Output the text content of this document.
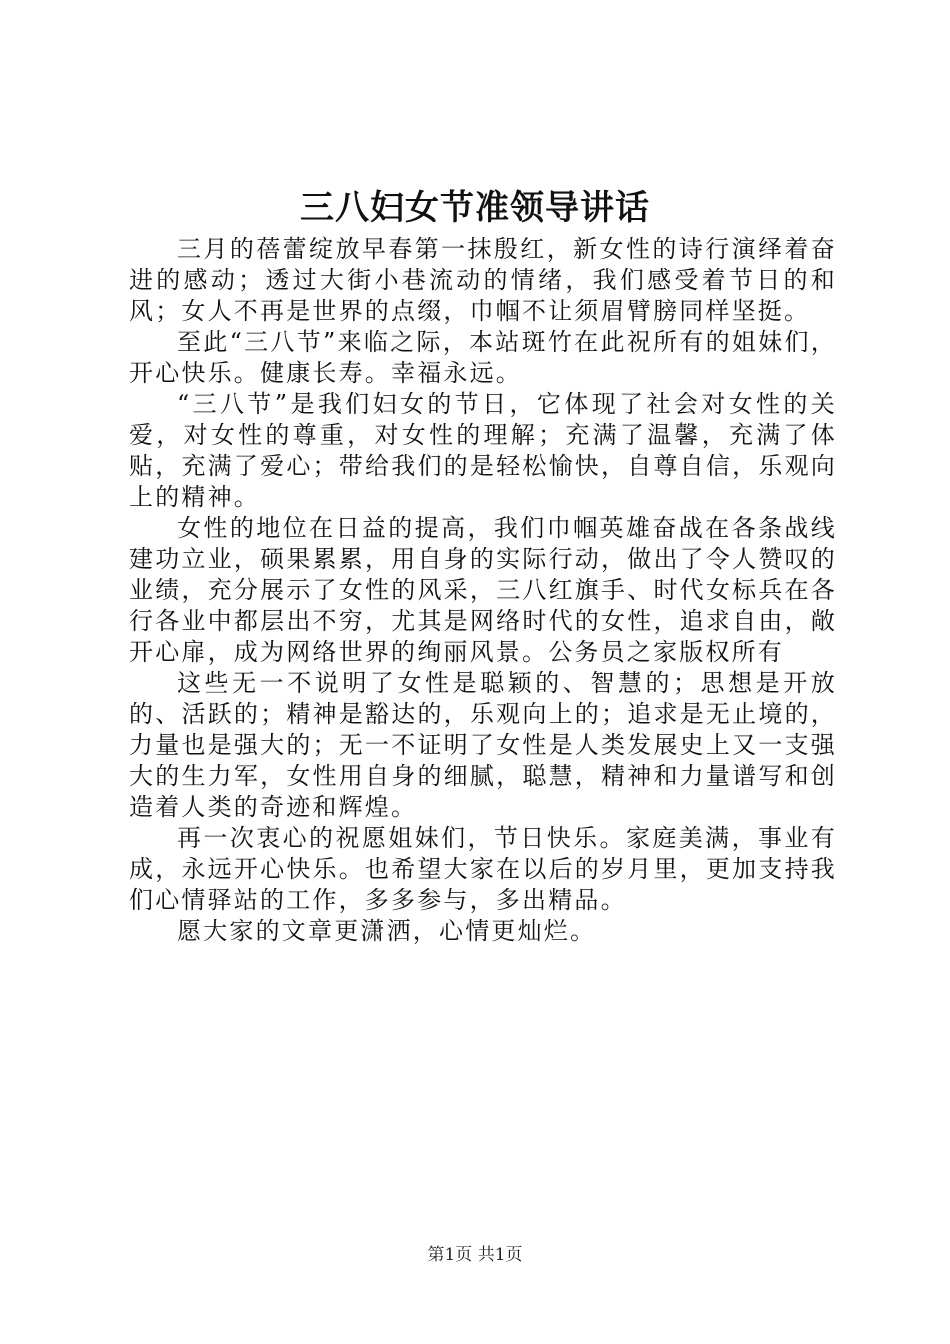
三八妇女节准领导讲话

三月的蓓蕾绽放早春第一抹殷红，新女性的诗行演绎着奋进的感动；透过大街小巷流动的情绪，我们感受着节日的和风；女人不再是世界的点缀，巾帼不让须眉臂膀同样坚挺。

至此“三八节”来临之际，本站斑竹在此祝所有的姐妹们，开心快乐。健康长寿。幸福永远。

“三八节”是我们妇女的节日，它体现了社会对女性的关爱，对女性的尊重，对女性的理解；充满了温馨，充满了体贴，充满了爱心；带给我们的是轻松愉快，自尊自信，乐观向上的精神。

女性的地位在日益的提高，我们巾帼英雄奋战在各条战线建功立业，硕果累累，用自身的实际行动，做出了令人赞叹的业绩，充分展示了女性的风采，三八红旗手、时代女标兵在各行各业中都层出不穷，尤其是网络时代的女性，追求自由，敞开心扉，成为网络世界的绚丽风景。公务员之家版权所有

这些无一不说明了女性是聪颖的、智慧的；思想是开放的、活跃的；精神是豁达的，乐观向上的；追求是无止境的，力量也是强大的；无一不证明了女性是人类发展史上又一支强大的生力军，女性用自身的细腻，聪慧，精神和力量谱写和创造着人类的奇迹和辉煌。

再一次衷心的祝愿姐妹们，节日快乐。家庭美满，事业有成，永远开心快乐。也希望大家在以后的岁月里，更加支持我们心情驿站的工作，多多参与，多出精品。

愿大家的文章更潇洒，心情更灿烂。

第1页 共1页
